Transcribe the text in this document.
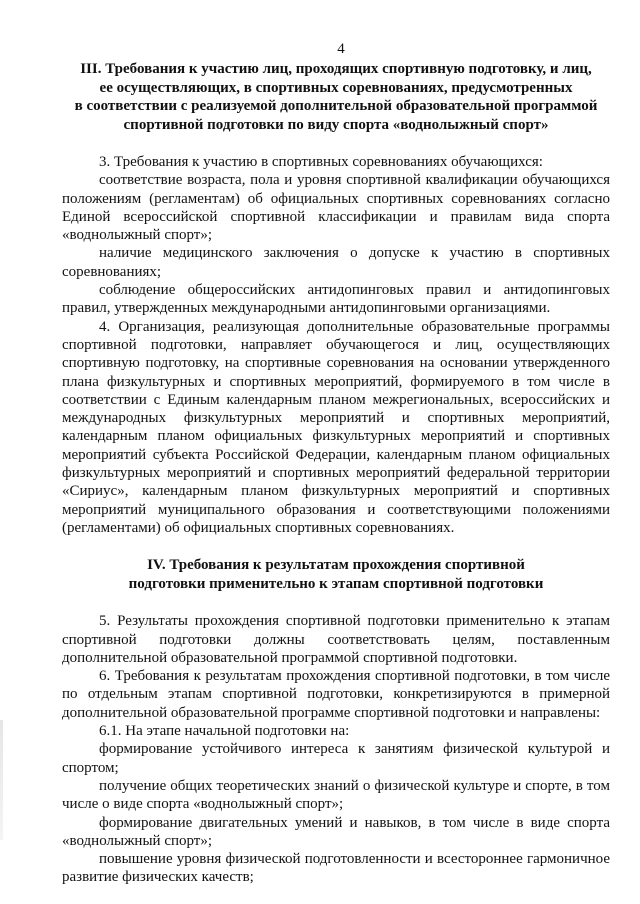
4
III. Требования к участию лиц, проходящих спортивную подготовку, и лиц,
ее осуществляющих, в спортивных соревнованиях, предусмотренных
в соответствии с реализуемой дополнительной образовательной программой
спортивной подготовки по виду спорта «воднолыжный спорт»

3. Требования к участию в спортивных соревнованиях обучающихся:

соответствие возраста, пола и уровня спортивной квалификации обучающихся положениям (регламентам) об официальных спортивных соревнованиях согласно Единой всероссийской спортивной классификации и правилам вида спорта «воднолыжный спорт»;

наличие медицинского заключения о допуске к участию в спортивных соревнованиях;

соблюдение общероссийских антидопинговых правил и антидопинговых правил, утвержденных международными антидопинговыми организациями.

4. Организация, реализующая дополнительные образовательные программы спортивной подготовки, направляет обучающегося и лиц, осуществляющих спортивную подготовку, на спортивные соревнования на основании утвержденного плана физкультурных и спортивных мероприятий, формируемого в том числе в соответствии с Единым календарным планом межрегиональных, всероссийских и международных физкультурных мероприятий и спортивных мероприятий, календарным планом официальных физкультурных мероприятий и спортивных мероприятий субъекта Российской Федерации, календарным планом официальных физкультурных мероприятий и спортивных мероприятий федеральной территории «Сириус», календарным планом физкультурных мероприятий и спортивных мероприятий муниципального образования и соответствующими положениями (регламентами) об официальных спортивных соревнованиях.

IV. Требования к результатам прохождения спортивной
подготовки применительно к этапам спортивной подготовки

5. Результаты прохождения спортивной подготовки применительно к этапам спортивной подготовки должны соответствовать целям, поставленным дополнительной образовательной программой спортивной подготовки.

6. Требования к результатам прохождения спортивной подготовки, в том числе по отдельным этапам спортивной подготовки, конкретизируются в примерной дополнительной образовательной программе спортивной подготовки и направлены:

6.1. На этапе начальной подготовки на:

формирование устойчивого интереса к занятиям физической культурой и спортом;

получение общих теоретических знаний о физической культуре и спорте, в том числе о виде спорта «воднолыжный спорт»;

формирование двигательных умений и навыков, в том числе в виде спорта «воднолыжный спорт»;

повышение уровня физической подготовленности и всестороннее гармоничное развитие физических качеств;
